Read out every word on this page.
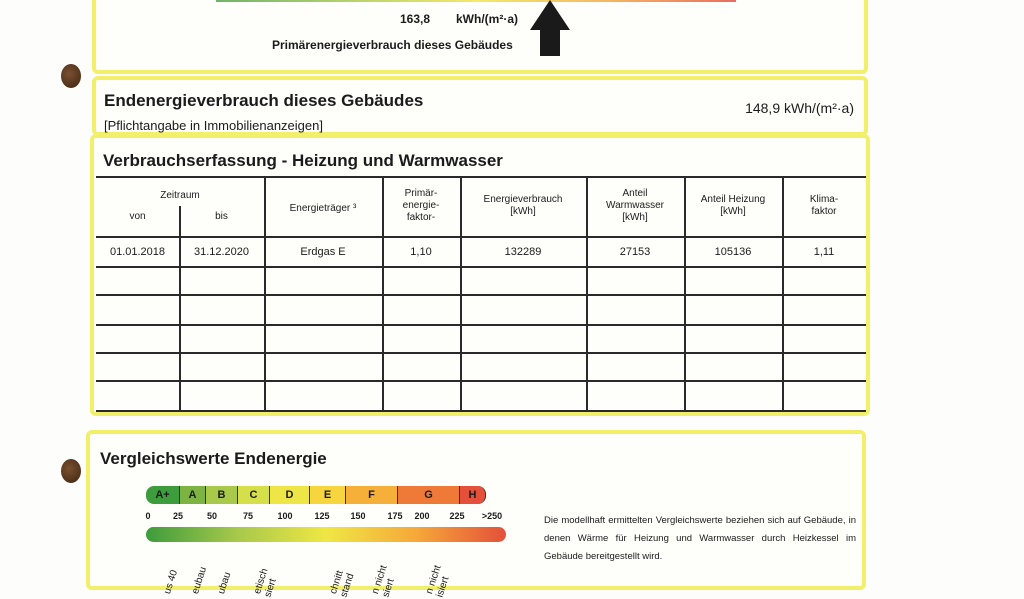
163,8 kWh/(m²·a)
Primärenergieverbrauch dieses Gebäudes
Endenergieverbrauch dieses Gebäudes
[Pflichtangabe in Immobilienanzeigen]
148,9 kWh/(m²·a)
Verbrauchserfassung - Heizung und Warmwasser
Zeitraum
von	bis
Energieträger ³
Primär-
energie-
faktor-
Energieverbrauch
[kWh]
Anteil
Warmwasser
[kWh]
Anteil Heizung
[kWh]
Klima-
faktor
01.01.2018	31.12.2020	Erdgas E	1,10	132289	27153	105136	1,11
Vergleichswerte Endenergie
A+	A	B	C	D	E	F	G	H
0 25	50	75	100 125 150 175 200 225 >250
us 40 eubau ubau etisch
siert	chnitt
stand n nicht
siert	n nicht
isiert
Die modellhaft ermittelten Vergleichswerte beziehen sich auf Gebäude, in denen Wärme für Heizung und Warmwasser durch Heizkessel im Gebäude bereitgestellt wird.
